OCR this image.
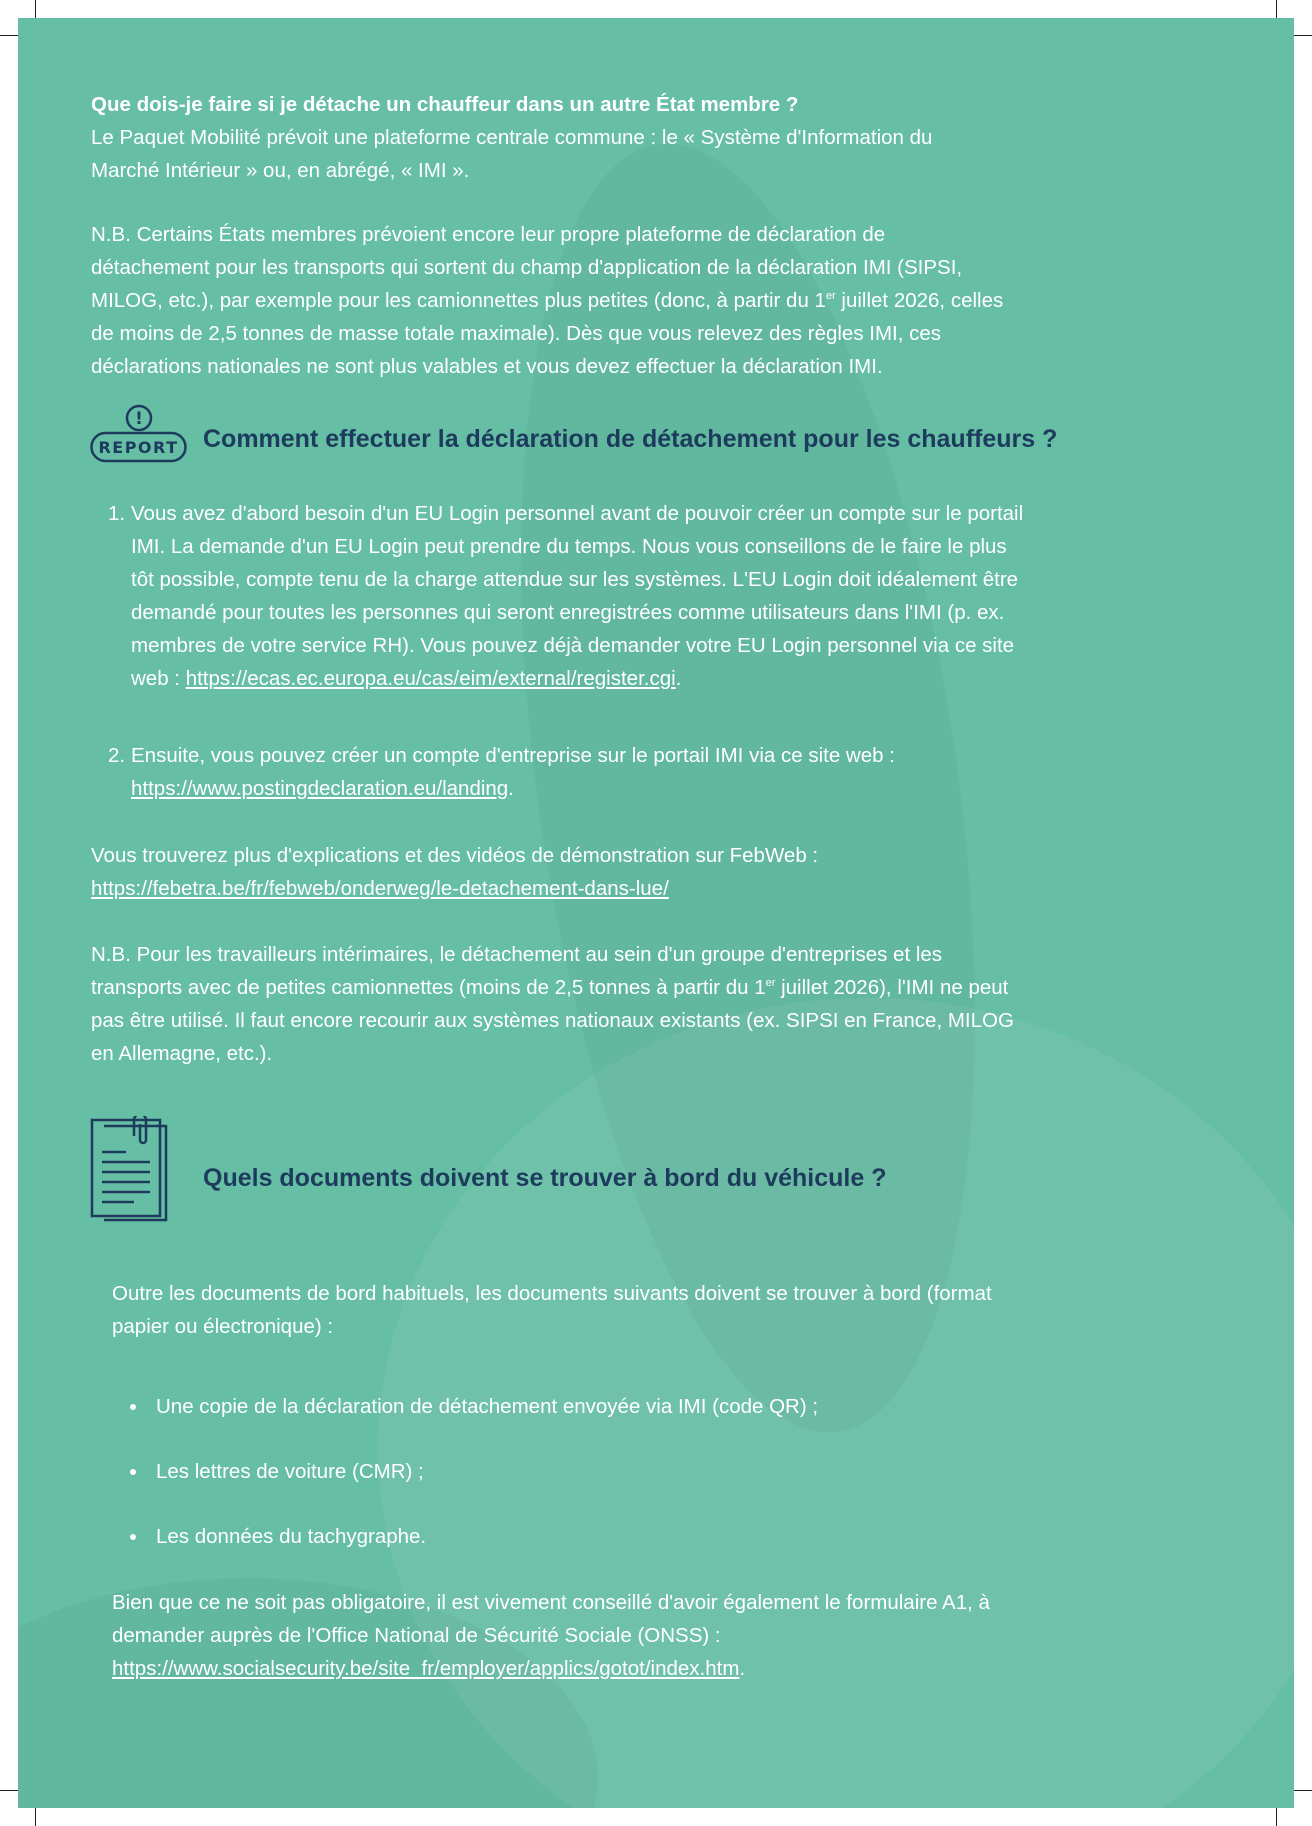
Que dois-je faire si je détache un chauffeur dans un autre État membre ?
Le Paquet Mobilité prévoit une plateforme centrale commune : le « Système d'Information du
Marché Intérieur » ou, en abrégé, « IMI ».

N.B. Certains États membres prévoient encore leur propre plateforme de déclaration de
détachement pour les transports qui sortent du champ d'application de la déclaration IMI (SIPSI,
MILOG, etc.), par exemple pour les camionnettes plus petites (donc, à partir du 1er juillet 2026, celles
de moins de 2,5 tonnes de masse totale maximale). Dès que vous relevez des règles IMI, ces
déclarations nationales ne sont plus valables et vous devez effectuer la déclaration IMI.

!
REPORT Comment effectuer la déclaration de détachement pour les chauffeurs ?
1. Vous avez d'abord besoin d'un EU Login personnel avant de pouvoir créer un compte sur le portail
IMI. La demande d'un EU Login peut prendre du temps. Nous vous conseillons de le faire le plus
tôt possible, compte tenu de la charge attendue sur les systèmes. L'EU Login doit idéalement être
demandé pour toutes les personnes qui seront enregistrées comme utilisateurs dans l'IMI (p. ex.
membres de votre service RH). Vous pouvez déjà demander votre EU Login personnel via ce site
web : https://ecas.ec.europa.eu/cas/eim/external/register.cgi.
2. Ensuite, vous pouvez créer un compte d'entreprise sur le portail IMI via ce site web :
https://www.postingdeclaration.eu/landing.

Vous trouverez plus d'explications et des vidéos de démonstration sur FebWeb :
https://febetra.be/fr/febweb/onderweg/le-detachement-dans-lue/

N.B. Pour les travailleurs intérimaires, le détachement au sein d'un groupe d'entreprises et les
transports avec de petites camionnettes (moins de 2,5 tonnes à partir du 1er juillet 2026), l'IMI ne peut
pas être utilisé. Il faut encore recourir aux systèmes nationaux existants (ex. SIPSI en France, MILOG
en Allemagne, etc.).

Quels documents doivent se trouver à bord du véhicule ?

Outre les documents de bord habituels, les documents suivants doivent se trouver à bord (format
papier ou électronique) :

Une copie de la déclaration de détachement envoyée via IMI (code QR) ;
Les lettres de voiture (CMR) ;
Les données du tachygraphe.

Bien que ce ne soit pas obligatoire, il est vivement conseillé d'avoir également le formulaire A1, à
demander auprès de l'Office National de Sécurité Sociale (ONSS) :
https://www.socialsecurity.be/site_fr/employer/applics/gotot/index.htm.
